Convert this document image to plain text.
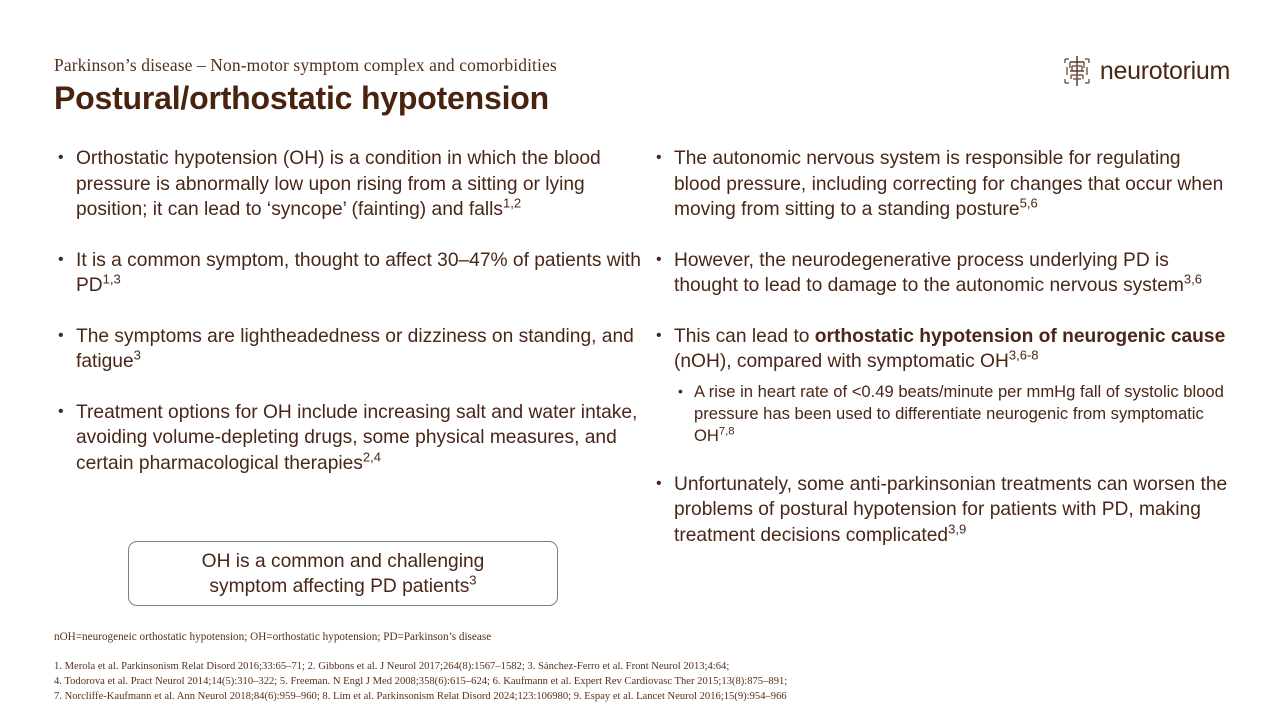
Parkinson’s disease – Non-motor symptom complex and comorbidities
Postural/orthostatic hypotension
neurotorium
• Orthostatic hypotension (OH) is a condition in which the blood pressure is abnormally low upon rising from a sitting or lying position; it can lead to ‘syncope’ (fainting) and falls$^{1,2}$
• It is a common symptom, thought to affect 30–47% of patients with PD$^{1,3}$
• The symptoms are lightheadedness or dizziness on standing, and fatigue$^3$
• Treatment options for OH include increasing salt and water intake, avoiding volume-depleting drugs, some physical measures, and certain pharmacological therapies$^{2,4}$
OH is a common and challenging
symptom affecting PD patients$^3$
• The autonomic nervous system is responsible for regulating blood pressure, including correcting for changes that occur when moving from sitting to a standing posture$^{5,6}$
• However, the neurodegenerative process underlying PD is thought to lead to damage to the autonomic nervous system$^{3,6}$
• This can lead to orthostatic hypotension of neurogenic cause (nOH), compared with symptomatic OH$^{3,6-8}$
• A rise in heart rate of <0.49 beats/minute per mmHg fall of systolic blood pressure has been used to differentiate neurogenic from symptomatic OH$^{7,8}$
• Unfortunately, some anti-parkinsonian treatments can worsen the problems of postural hypotension for patients with PD, making treatment decisions complicated$^{3,9}$
nOH=neurogeneic orthostatic hypotension; OH=orthostatic hypotension; PD=Parkinson’s disease
1. Merola et al. Parkinsonism Relat Disord 2016;33:65–71; 2. Gibbons et al. J Neurol 2017;264(8):1567–1582; 3. Sánchez-Ferro et al. Front Neurol 2013;4:64;
4. Todorova et al. Pract Neurol 2014;14(5):310–322; 5. Freeman. N Engl J Med 2008;358(6):615–624; 6. Kaufmann et al. Expert Rev Cardiovasc Ther 2015;13(8):875–891;
7. Norcliffe-Kaufmann et al. Ann Neurol 2018;84(6):959–960; 8. Lim et al. Parkinsonism Relat Disord 2024;123:106980; 9. Espay et al. Lancet Neurol 2016;15(9):954–966
